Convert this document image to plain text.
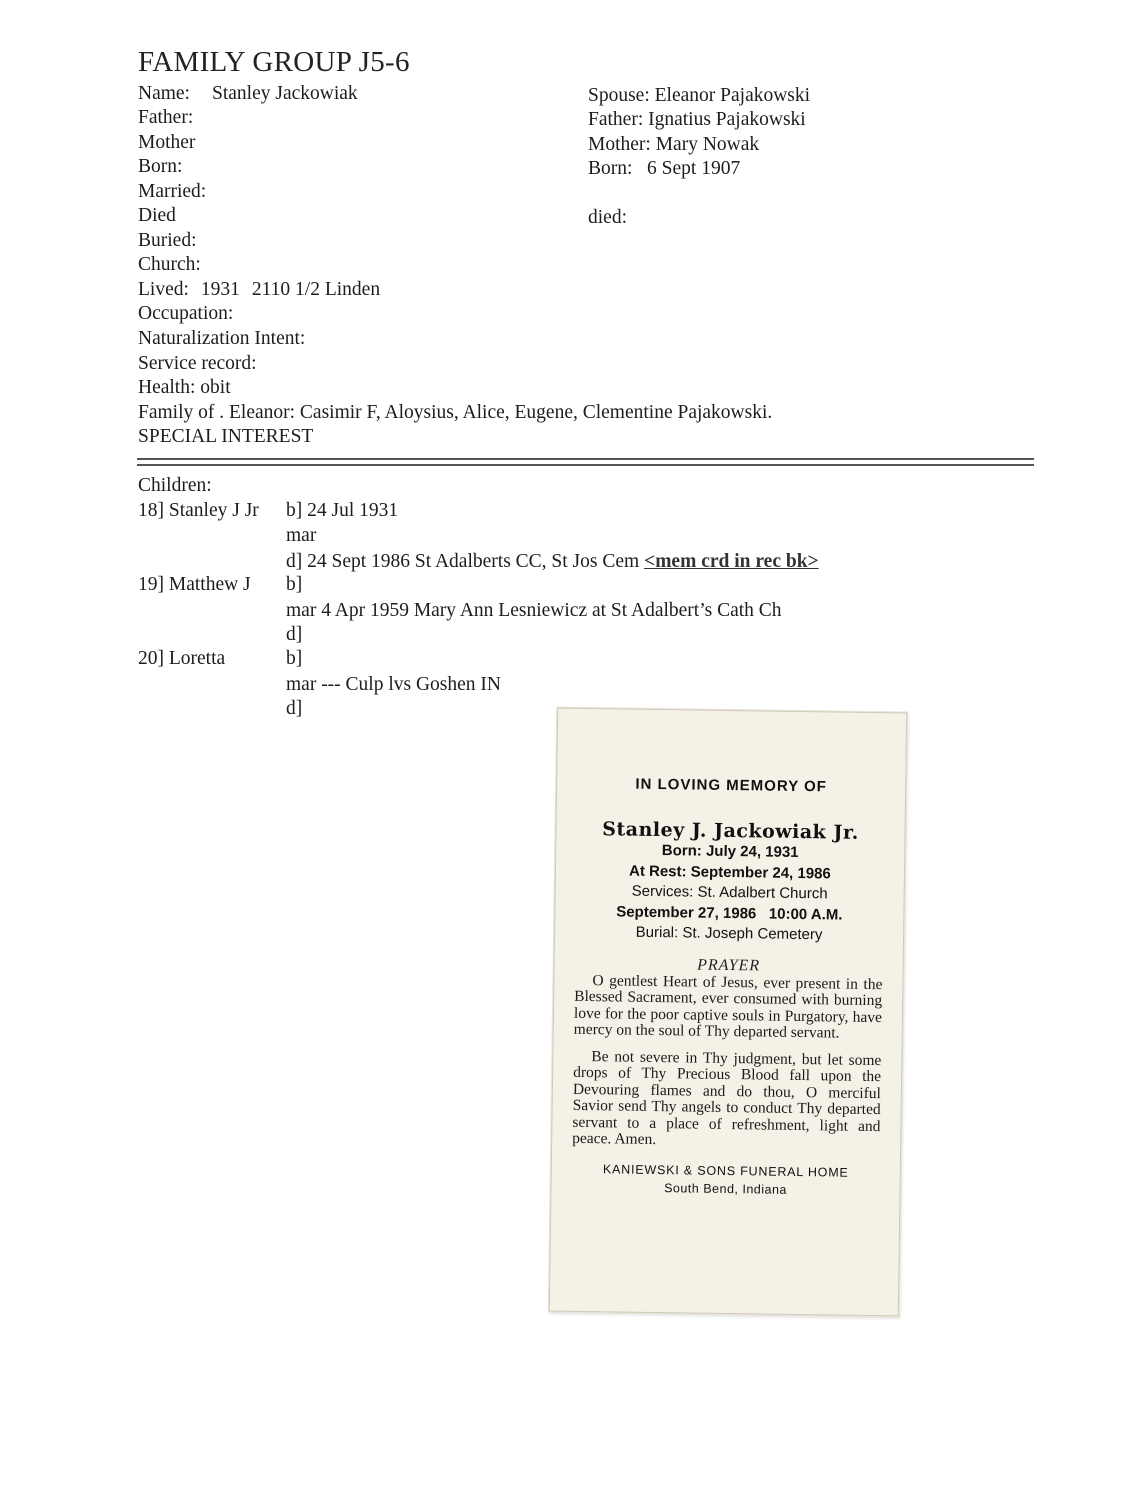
FAMILY GROUP J5-6
Name: Stanley Jackowiak
Father:
Mother
Born:
Married:
Died
Buried:
Church:
Lived: 1931 2110 1/2 Linden
Occupation:
Naturalization Intent:
Service record:
Health: obit
Family of . Eleanor: Casimir F, Aloysius, Alice, Eugene, Clementine Pajakowski.
SPECIAL INTEREST
Spouse: Eleanor Pajakowski
Father: Ignatius Pajakowski
Mother: Mary Nowak
Born: 6 Sept 1907
died:
Children:
18] Stanley J Jr b] 24 Jul 1931
mar
d] 24 Sept 1986 St Adalberts CC, St Jos Cem <mem crd in rec bk>
19] Matthew J b]
mar 4 Apr 1959 Mary Ann Lesniewicz at St Adalbert’s Cath Ch
d]
20] Loretta	b]
mar --- Culp lvs Goshen IN
d]
IN LOVING MEMORY OF
Stanley J. Jackowiak Jr.
Born: July 24, 1931
At Rest: September 24, 1986
Services: St. Adalbert Church
September 27, 1986   10:00 A.M.
Burial: St. Joseph Cemetery
PRAYER

O gentlest Heart of Jesus, ever present in the Blessed Sacrament, ever consumed with burning love for the poor captive souls in Purgatory, have mercy on the soul of Thy departed servant.

Be not severe in Thy judgment, but let some drops of Thy Precious Blood fall upon the Devouring flames and do thou, O merciful Savior send Thy angels to conduct Thy departed servant to a place of refreshment, light and peace. Amen.

KANIEWSKI & SONS FUNERAL HOME
South Bend, Indiana
